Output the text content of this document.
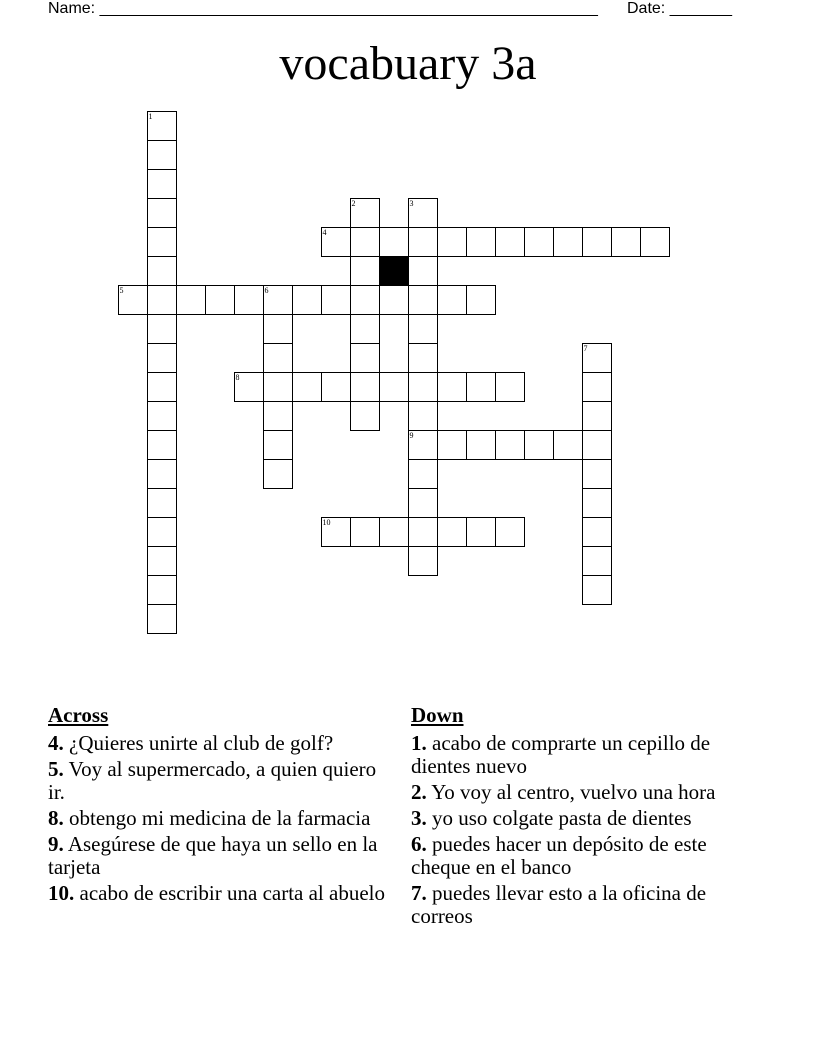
Name: ________________________________________________________ Date: _______
vocabuary 3a
1
2	3
9
6
7
4
5
8
10
Across
4. ¿Quieres unirte al club de golf?
5. Voy al supermercado, a quien quiero ir.
8. obtengo mi medicina de la farmacia
9. Asegúrese de que haya un sello en la tarjeta
10. acabo de escribir una carta al abuelo
Down
1. acabo de comprarte un cepillo de dientes nuevo
2. Yo voy al centro, vuelvo una hora
3. yo uso colgate pasta de dientes
6. puedes hacer un depósito de este cheque en el banco
7. puedes llevar esto a la oficina de correos
